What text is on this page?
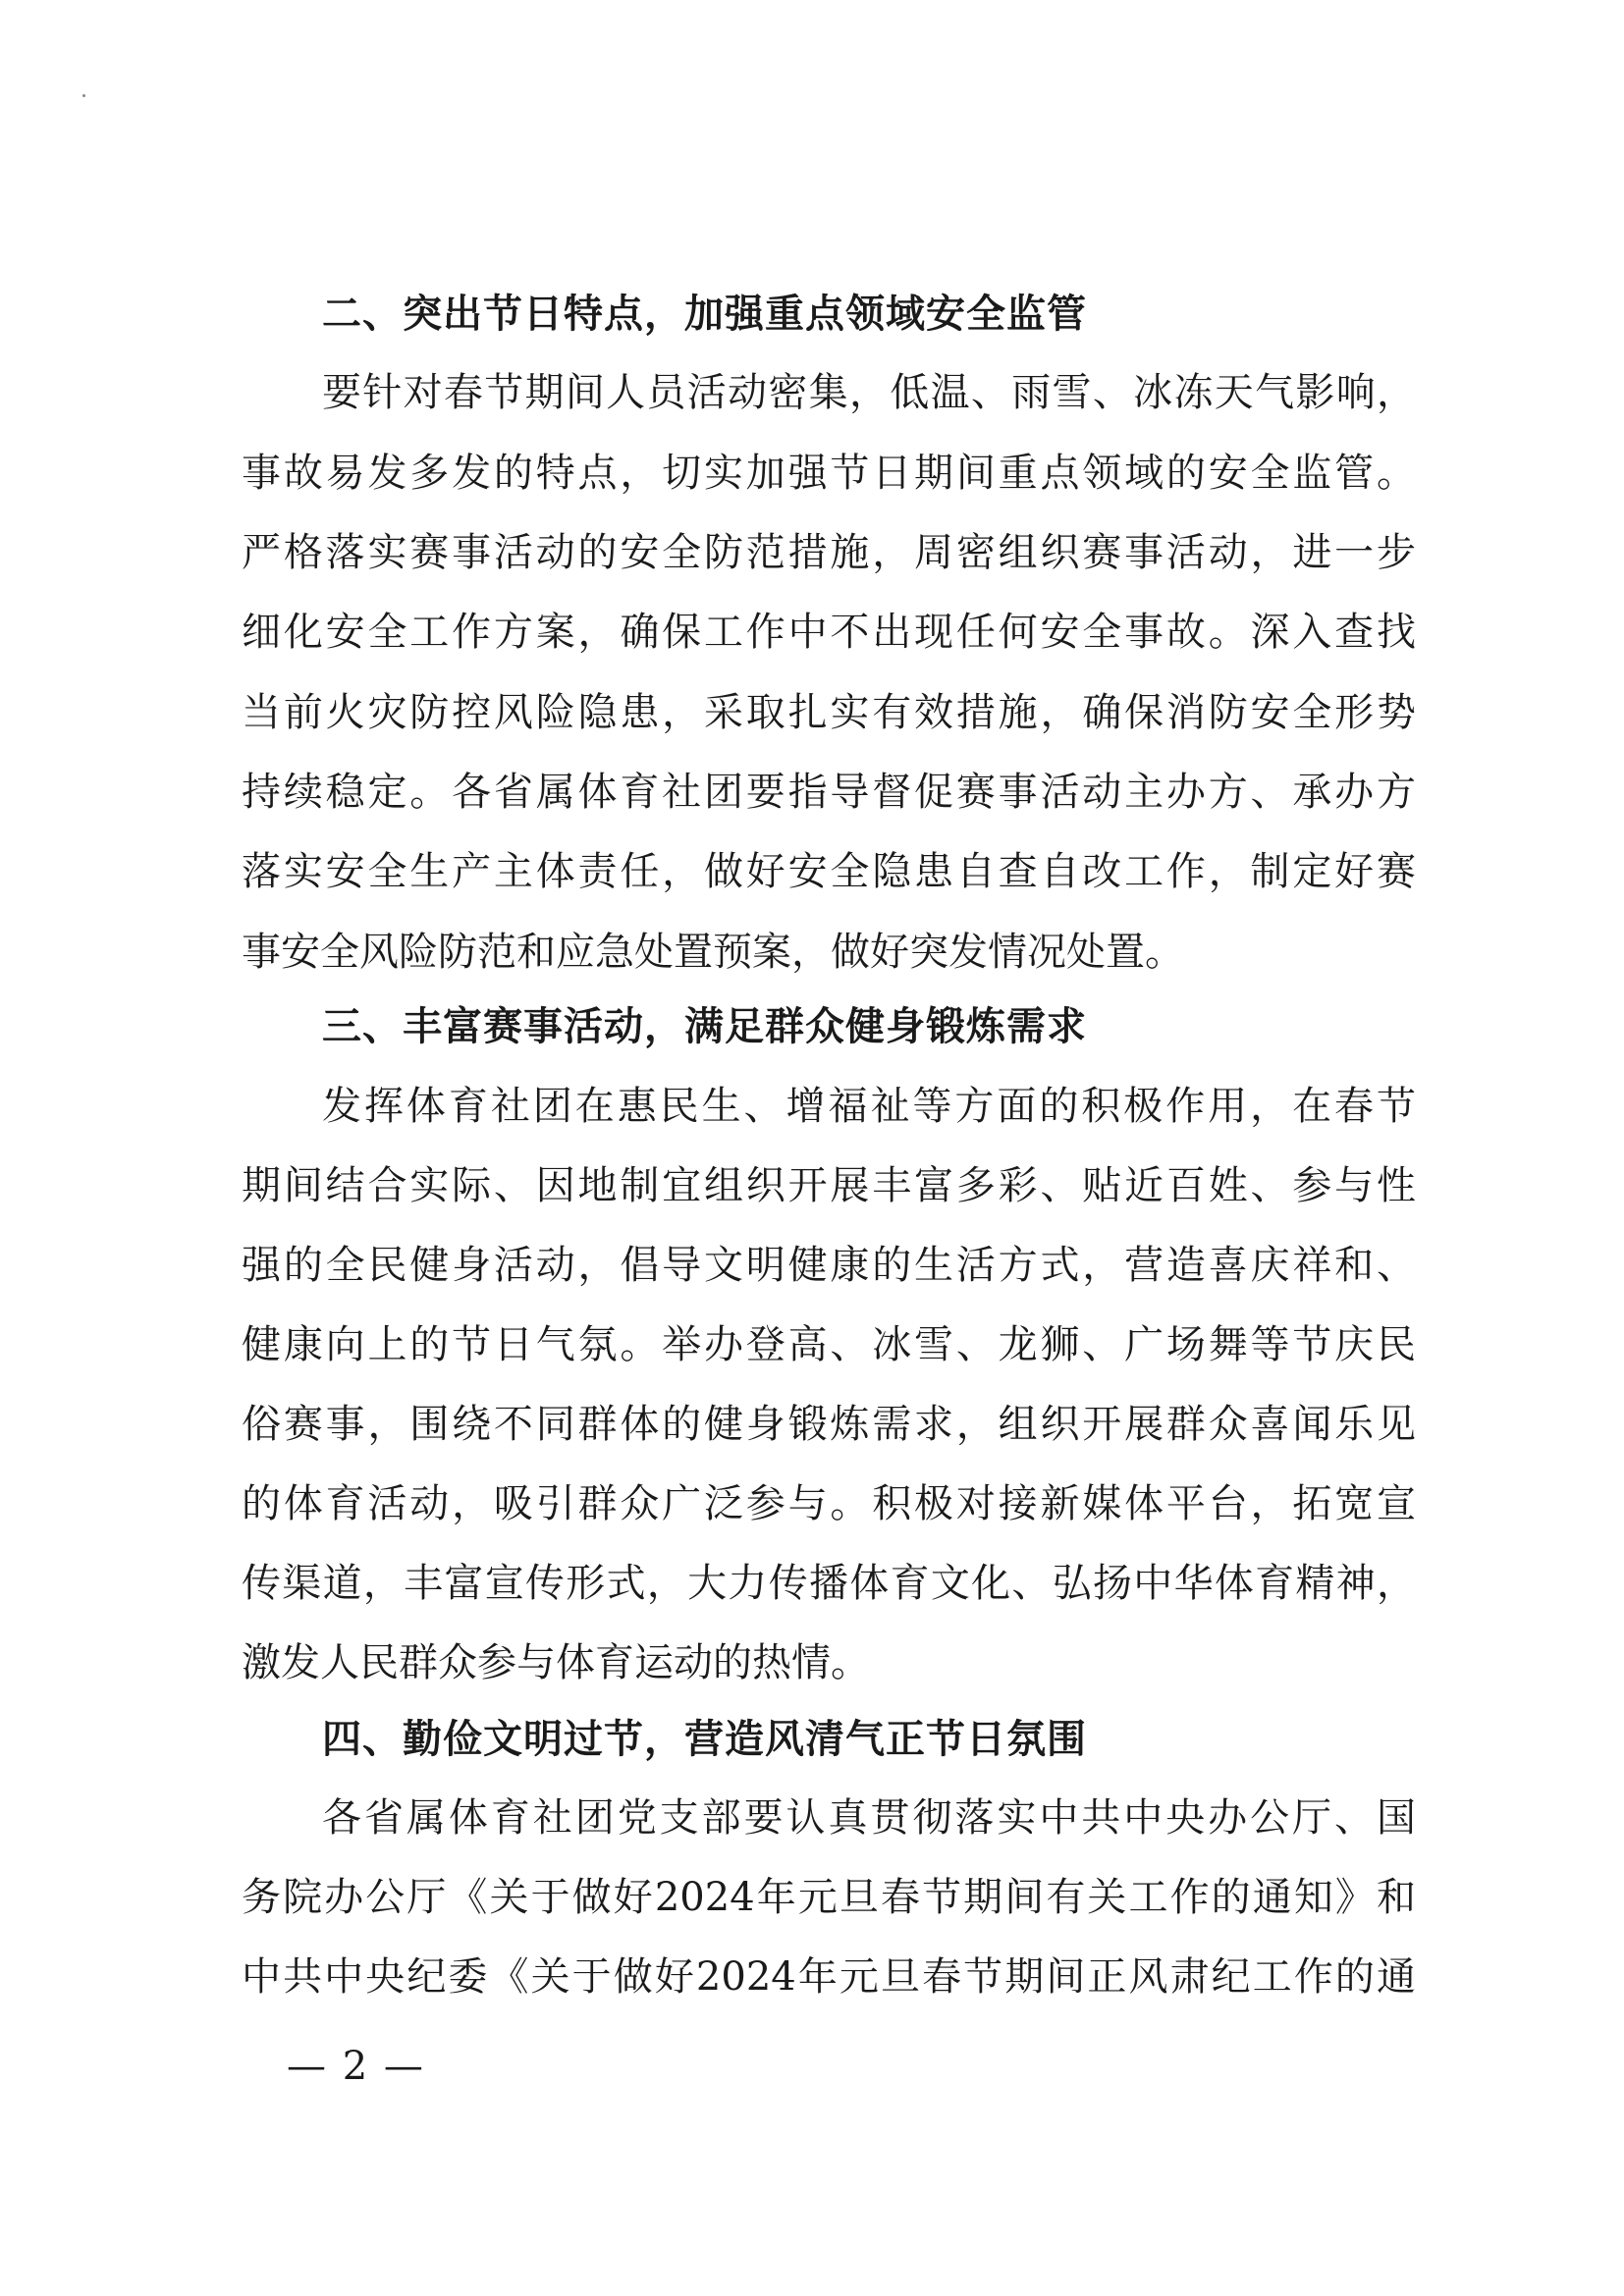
二、突出节日特点，加强重点领域安全监管
要针对春节期间人员活动密集，低温、雨雪、冰冻天气影响，
事故易发多发的特点，切实加强节日期间重点领域的安全监管。
严格落实赛事活动的安全防范措施，周密组织赛事活动，进一步
细化安全工作方案，确保工作中不出现任何安全事故。深入查找
当前火灾防控风险隐患，采取扎实有效措施，确保消防安全形势
持续稳定。各省属体育社团要指导督促赛事活动主办方、承办方
落实安全生产主体责任，做好安全隐患自查自改工作，制定好赛
事安全风险防范和应急处置预案，做好突发情况处置。
三、丰富赛事活动，满足群众健身锻炼需求
发挥体育社团在惠民生、增福祉等方面的积极作用，在春节
期间结合实际、因地制宜组织开展丰富多彩、贴近百姓、参与性
强的全民健身活动，倡导文明健康的生活方式，营造喜庆祥和、
健康向上的节日气氛。举办登高、冰雪、龙狮、广场舞等节庆民
俗赛事，围绕不同群体的健身锻炼需求，组织开展群众喜闻乐见
的体育活动，吸引群众广泛参与。积极对接新媒体平台，拓宽宣
传渠道，丰富宣传形式，大力传播体育文化、弘扬中华体育精神，
激发人民群众参与体育运动的热情。
四、勤俭文明过节，营造风清气正节日氛围
各省属体育社团党支部要认真贯彻落实中共中央办公厅、国
务院办公厅《关于做好2024年元旦春节期间有关工作的通知》和
中共中央纪委《关于做好2024年元旦春节期间正风肃纪工作的通
— 2 —
